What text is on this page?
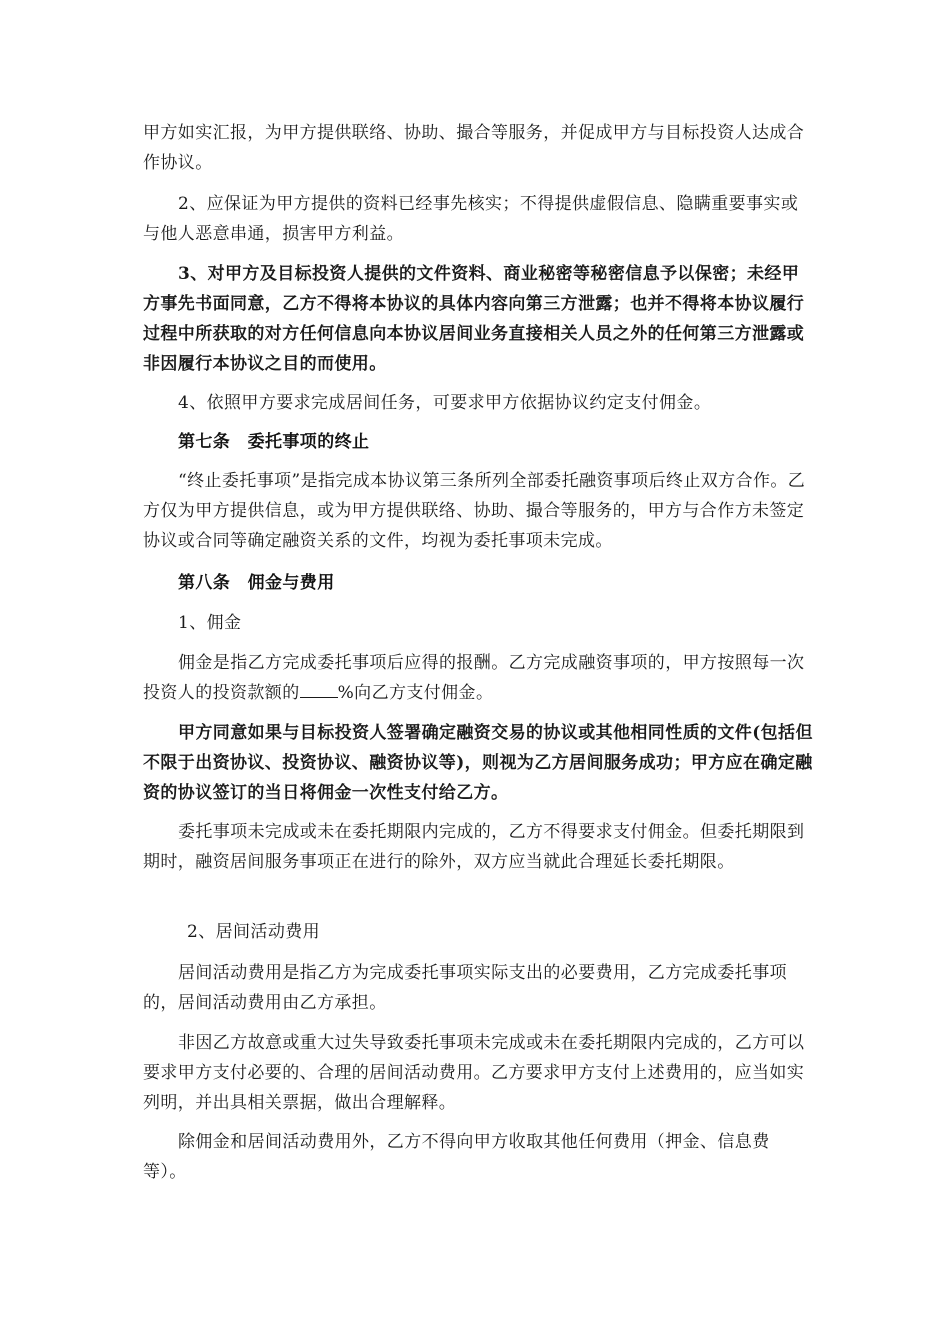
甲方如实汇报，为甲方提供联络、协助、撮合等服务，并促成甲方与目标投资人达成合作协议。

2、应保证为甲方提供的资料已经事先核实；不得提供虚假信息、隐瞒重要事实或与他人恶意串通，损害甲方利益。

3、对甲方及目标投资人提供的文件资料、商业秘密等秘密信息予以保密；未经甲方事先书面同意，乙方不得将本协议的具体内容向第三方泄露；也并不得将本协议履行过程中所获取的对方任何信息向本协议居间业务直接相关人员之外的任何第三方泄露或非因履行本协议之目的而使用。

4、依照甲方要求完成居间任务，可要求甲方依据协议约定支付佣金。

第七条　委托事项的终止

“终止委托事项”是指完成本协议第三条所列全部委托融资事项后终止双方合作。乙方仅为甲方提供信息，或为甲方提供联络、协助、撮合等服务的，甲方与合作方未签定协议或合同等确定融资关系的文件，均视为委托事项未完成。

第八条　佣金与费用

1、佣金

佣金是指乙方完成委托事项后应得的报酬。乙方完成融资事项的，甲方按照每一次投资人的投资款额的 %向乙方支付佣金。

甲方同意如果与目标投资人签署确定融资交易的协议或其他相同性质的文件(包括但不限于出资协议、投资协议、融资协议等)，则视为乙方居间服务成功；甲方应在确定融资的协议签订的当日将佣金一次性支付给乙方。

委托事项未完成或未在委托期限内完成的，乙方不得要求支付佣金。但委托期限到期时，融资居间服务事项正在进行的除外，双方应当就此合理延长委托期限。

2、居间活动费用

居间活动费用是指乙方为完成委托事项实际支出的必要费用，乙方完成委托事项的，居间活动费用由乙方承担。

非因乙方故意或重大过失导致委托事项未完成或未在委托期限内完成的，乙方可以要求甲方支付必要的、合理的居间活动费用。乙方要求甲方支付上述费用的，应当如实列明，并出具相关票据，做出合理解释。

除佣金和居间活动费用外，乙方不得向甲方收取其他任何费用（押金、信息费等）。
